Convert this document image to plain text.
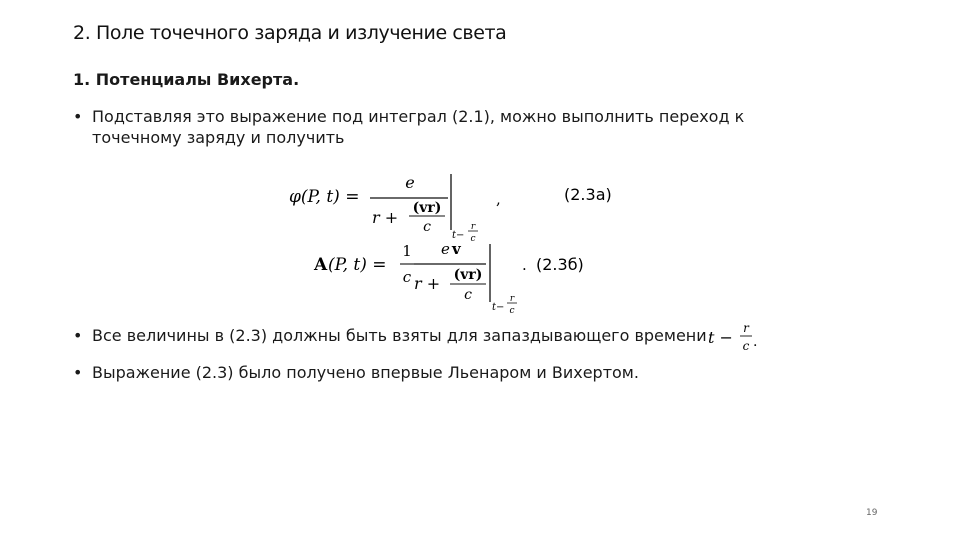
2. Поле точечного заряда и излучение света
1. Потенциалы Вихерта.
• Подставляя это выражение под интеграл (2.1), можно выполнить переход к
точечному заряду и получить
φ(P, t) =
e
r + (vr)
c
t−
r
c
,	(2.3а)
A (P, t) =
1
c
e v
r + (vr)
c
t−
r
c
. (2.3б)
• Все величины в (2.3) должны быть взяты для запаздывающего времени t − r
c .
• Выражение (2.3) было получено впервые Льенаром и Вихертом.
19
